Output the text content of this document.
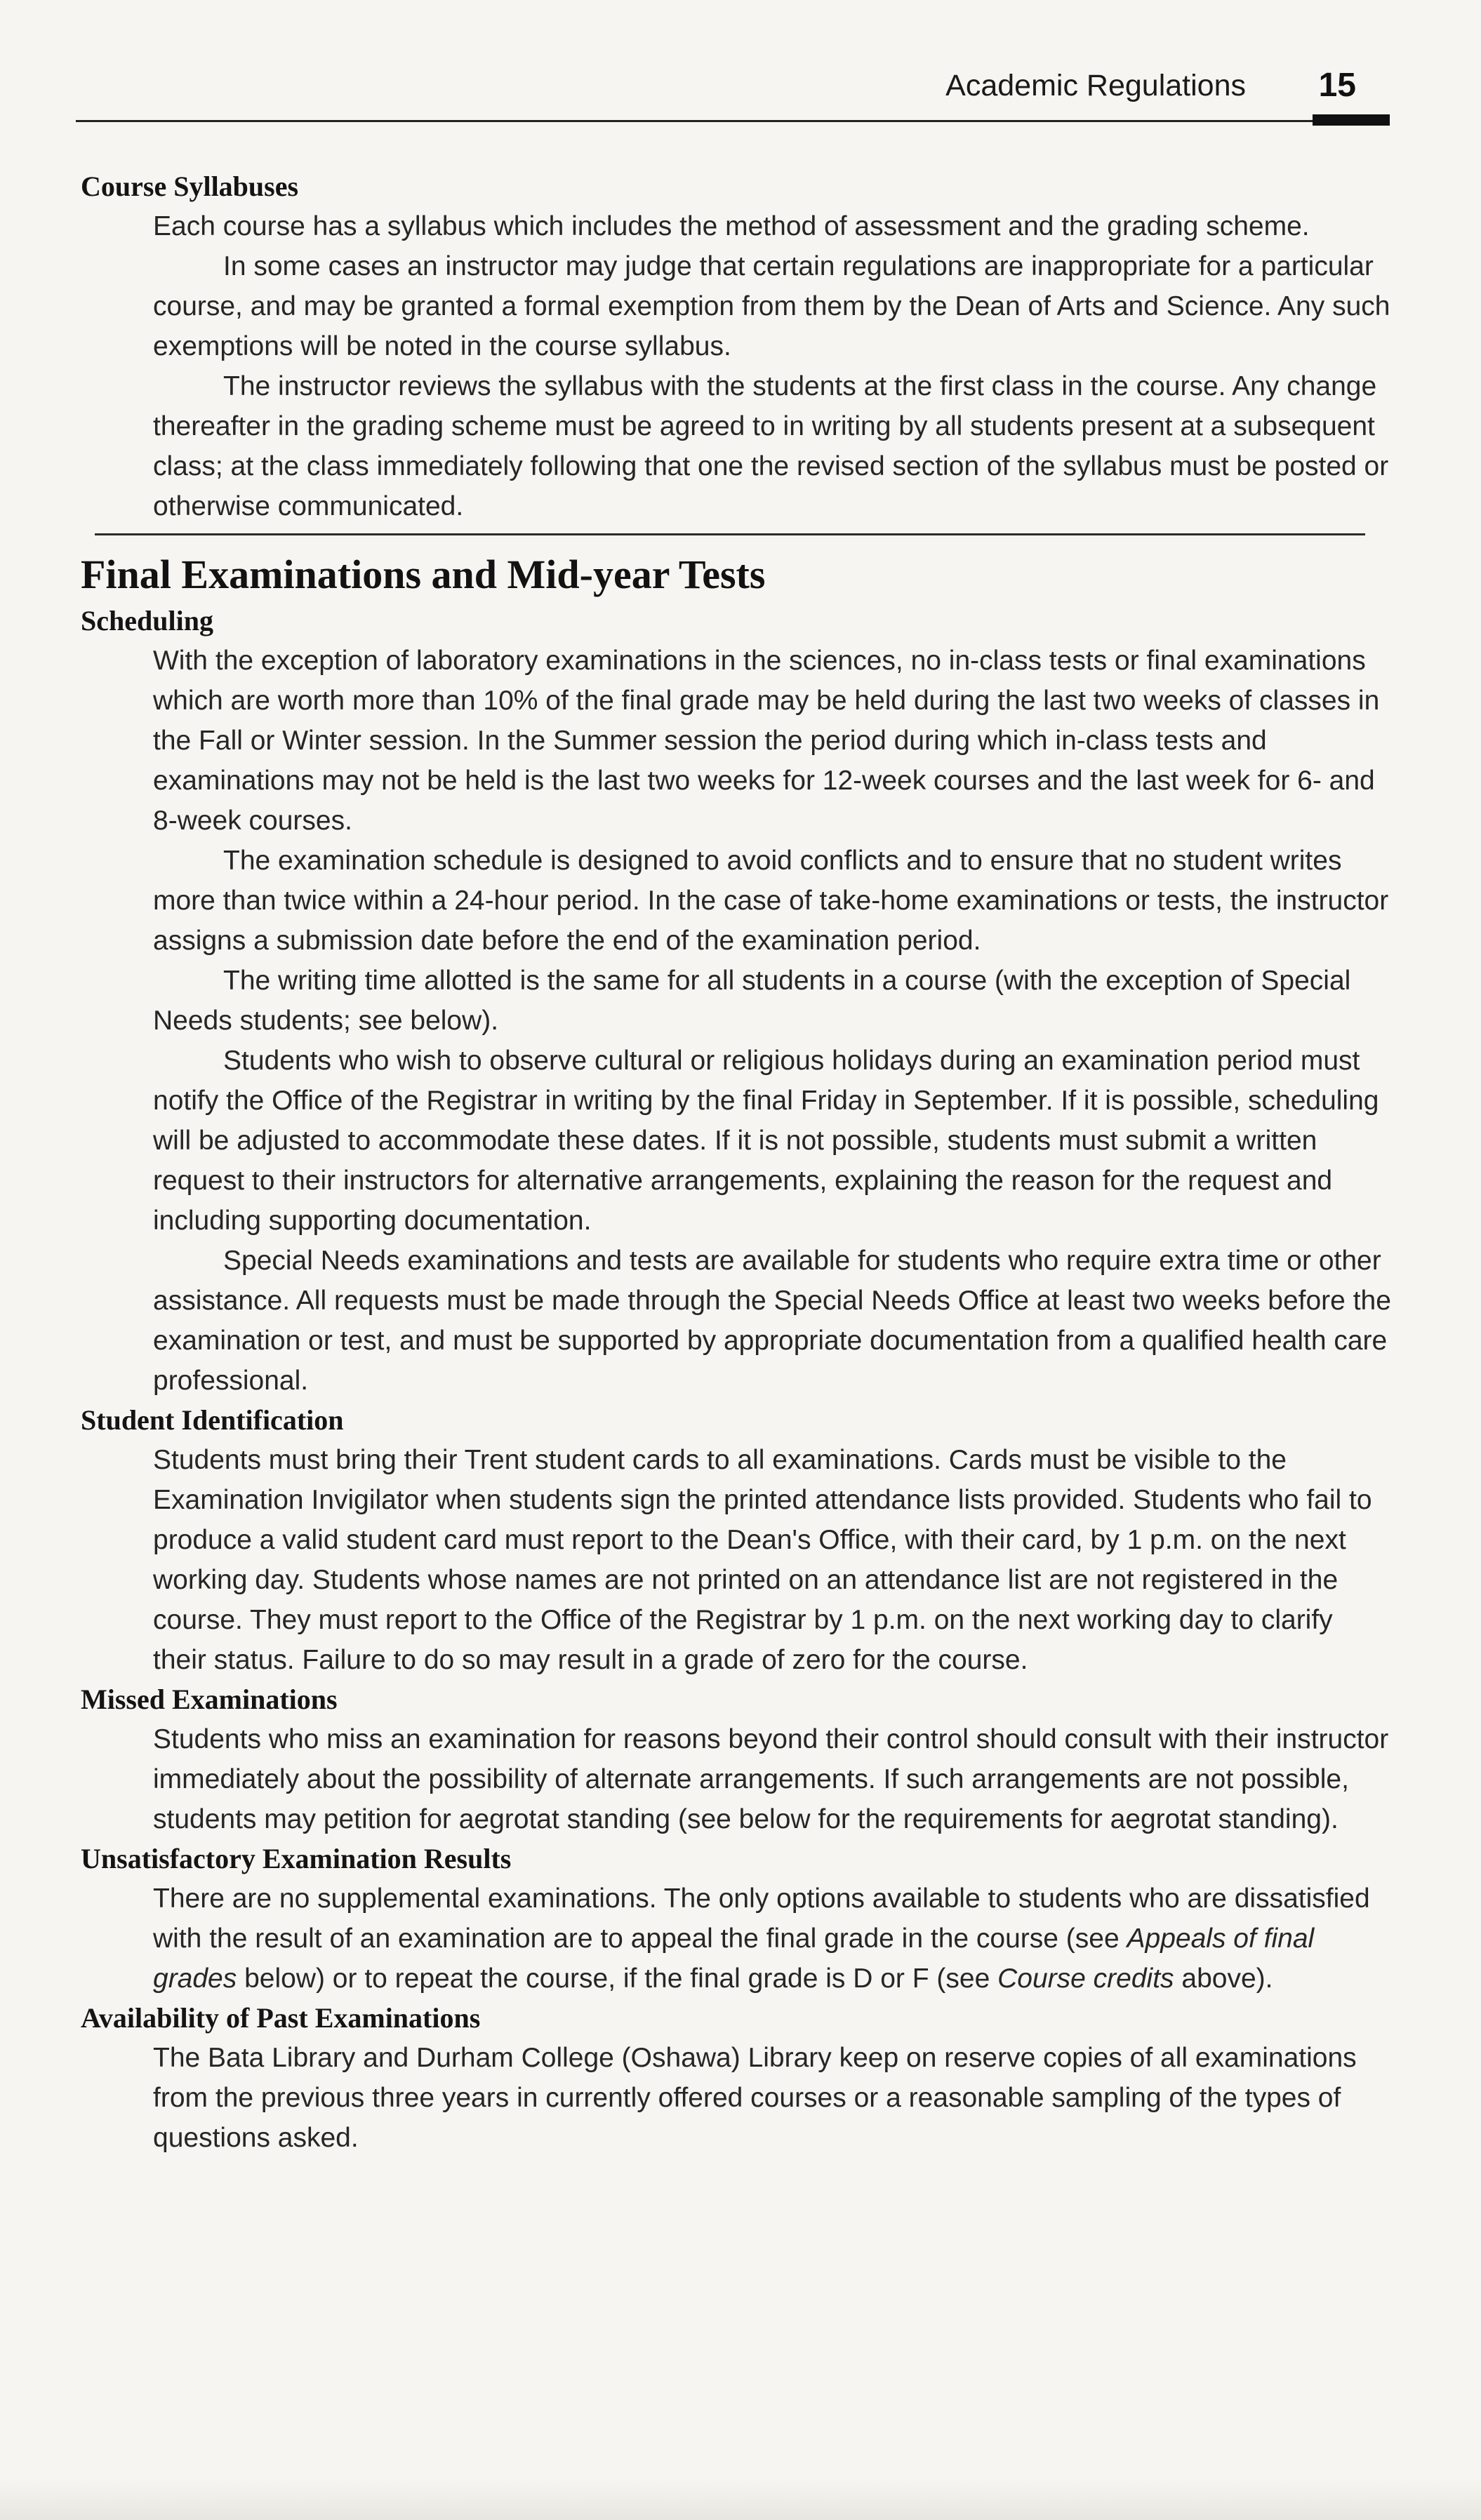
Academic Regulations 15
Course Syllabuses

Each course has a syllabus which includes the method of assessment and the grading scheme.

In some cases an instructor may judge that certain regulations are inappropriate for a particular course, and may be granted a formal exemption from them by the Dean of Arts and Science. Any such exemptions will be noted in the course syllabus.

The instructor reviews the syllabus with the students at the first class in the course. Any change thereafter in the grading scheme must be agreed to in writing by all students present at a subsequent class; at the class immediately following that one the revised section of the syllabus must be posted or otherwise communicated.

Final Examinations and Mid-year Tests
Scheduling

With the exception of laboratory examinations in the sciences, no in-class tests or final examinations which are worth more than 10% of the final grade may be held during the last two weeks of classes in the Fall or Winter session. In the Summer session the period during which in-class tests and examinations may not be held is the last two weeks for 12-week courses and the last week for 6- and 8-week courses.

The examination schedule is designed to avoid conflicts and to ensure that no student writes more than twice within a 24-hour period. In the case of take-home examinations or tests, the instructor assigns a submission date before the end of the examination period.

The writing time allotted is the same for all students in a course (with the exception of Special Needs students; see below).

Students who wish to observe cultural or religious holidays during an examination period must notify the Office of the Registrar in writing by the final Friday in September. If it is possible, scheduling will be adjusted to accommodate these dates. If it is not possible, students must submit a written request to their instructors for alternative arrangements, explaining the reason for the request and including supporting documentation.

Special Needs examinations and tests are available for students who require extra time or other assistance. All requests must be made through the Special Needs Office at least two weeks before the examination or test, and must be supported by appropriate documentation from a qualified health care professional.

Student Identification

Students must bring their Trent student cards to all examinations. Cards must be visible to the Examination Invigilator when students sign the printed attendance lists provided. Students who fail to produce a valid student card must report to the Dean's Office, with their card, by 1 p.m. on the next working day. Students whose names are not printed on an attendance list are not registered in the course. They must report to the Office of the Registrar by 1 p.m. on the next working day to clarify their status. Failure to do so may result in a grade of zero for the course.

Missed Examinations

Students who miss an examination for reasons beyond their control should consult with their instructor immediately about the possibility of alternate arrangements. If such arrangements are not possible, students may petition for aegrotat standing (see below for the requirements for aegrotat standing).

Unsatisfactory Examination Results

There are no supplemental examinations. The only options available to students who are dissatisfied with the result of an examination are to appeal the final grade in the course (see Appeals of final grades below) or to repeat the course, if the final grade is D or F (see Course credits above).

Availability of Past Examinations

The Bata Library and Durham College (Oshawa) Library keep on reserve copies of all examinations from the previous three years in currently offered courses or a reasonable sampling of the types of questions asked.
